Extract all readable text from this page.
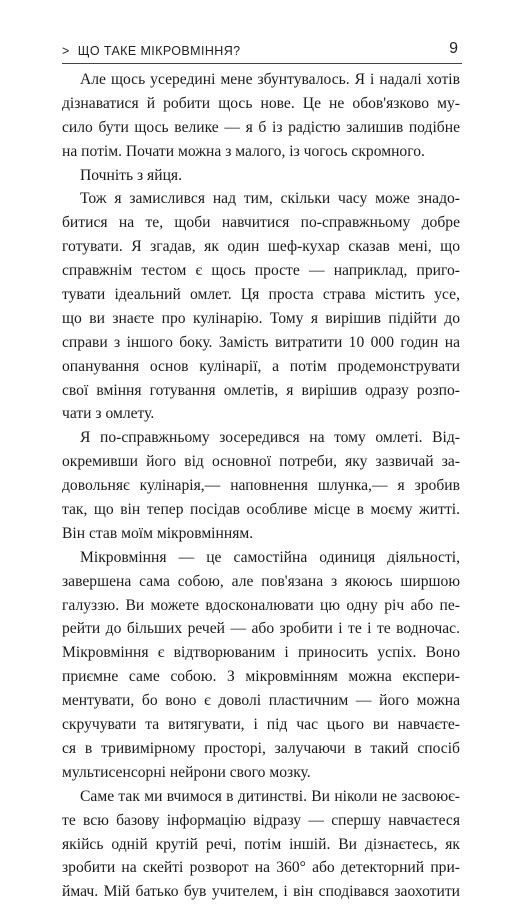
> ЩО ТАКЕ МІКРОВМІННЯ?	9
Але щось усередині мене збунтувалось. Я і надалі хотів
дізнаватися й робити щось нове. Це не обов'язково му-
сило бути щось велике — я б із радістю залишив подібне
на потім. Почати можна з малого, із чогось скромного.
Почніть з яйця.
Тож я замислився над тим, скільки часу може знадо-
битися на те, щоби навчитися по-справжньому добре
готувати. Я згадав, як один шеф-кухар сказав мені, що
справжнім тестом є щось просте — наприклад, приго-
тувати ідеальний омлет. Ця проста страва містить усе,
що ви знаєте про кулінарію. Тому я вирішив підійти до
справи з іншого боку. Замість витратити 10 000 годин на
опанування основ кулінарії, а потім продемонструвати
свої вміння готування омлетів, я вирішив одразу розпо-
чати з омлету.
Я по-справжньому зосередився на тому омлеті. Від-
окремивши його від основної потреби, яку зазвичай за-
довольняє кулінарія,— наповнення шлунка,— я зробив
так, що він тепер посідав особливе місце в моєму житті.
Він став моїм мікровмінням.
Мікровміння — це самостійна одиниця діяльності,
завершена сама собою, але пов'язана з якоюсь ширшою
галуззю. Ви можете вдосконалювати цю одну річ або пе-
рейти до більших речей — або зробити і те і те водночас.
Мікровміння є відтворюваним і приносить успіх. Воно
приємне саме собою. З мікровмінням можна експери-
ментувати, бо воно є доволі пластичним — його можна
скручувати та витягувати, і під час цього ви навчаєте-
ся в тривимірному просторі, залучаючи в такий спосіб
мультисенсорні нейрони свого мозку.
Саме так ми вчимося в дитинстві. Ви ніколи не засвоює-
те всю базову інформацію відразу — спершу навчаєтеся
якійсь одній крутій речі, потім іншій. Ви дізнаєтесь, як
зробити на скейті розворот на 360° або детекторний при-
ймач. Мій батько був учителем, і він сподівався заохотити
